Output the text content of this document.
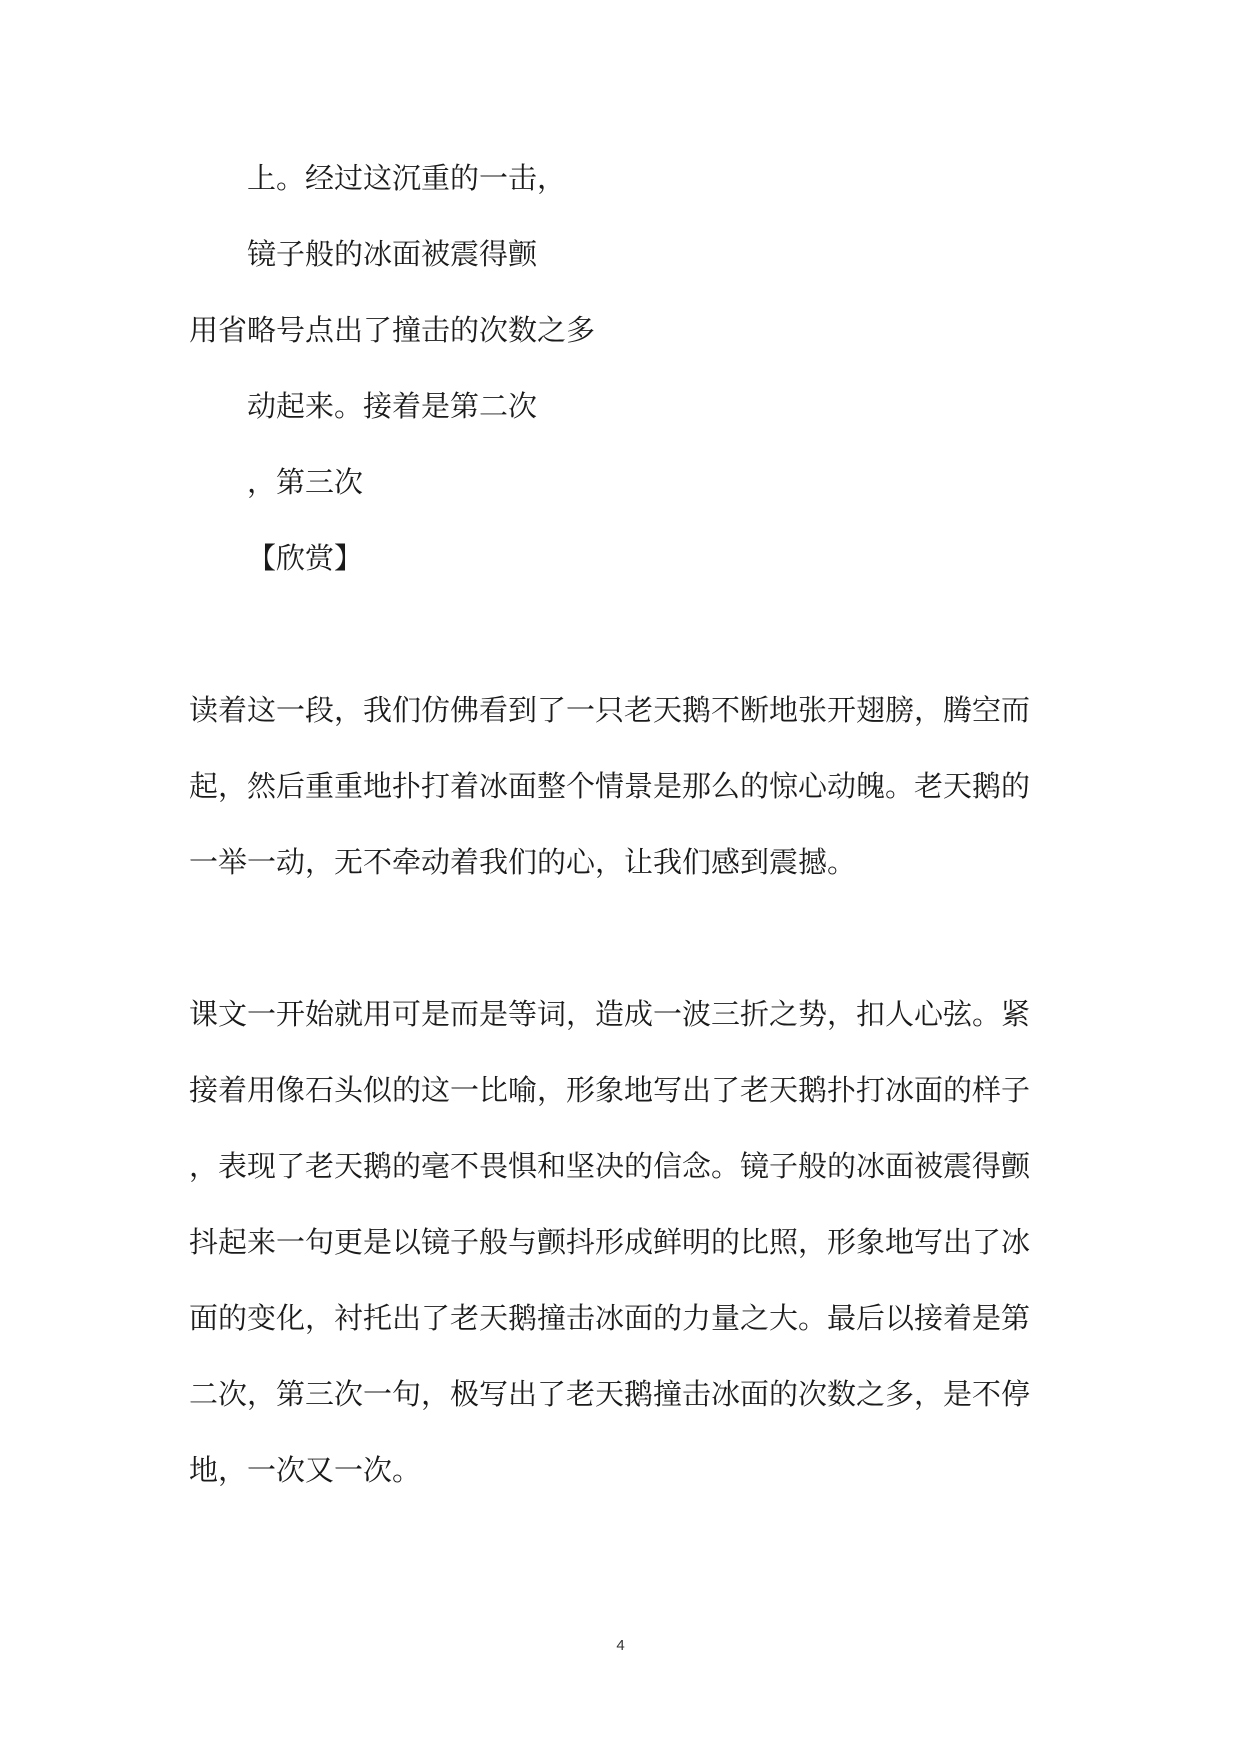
上。经过这沉重的一击，
镜子般的冰面被震得颤
用省略号点出了撞击的次数之多
动起来。接着是第二次
，第三次
【欣赏】
读着这一段，我们仿佛看到了一只老天鹅不断地张开翅膀，腾空而
起，然后重重地扑打着冰面整个情景是那么的惊心动魄。老天鹅的
一举一动，无不牵动着我们的心，让我们感到震撼。
课文一开始就用可是而是等词，造成一波三折之势，扣人心弦。紧
接着用像石头似的这一比喻，形象地写出了老天鹅扑打冰面的样子
，表现了老天鹅的毫不畏惧和坚决的信念。镜子般的冰面被震得颤
抖起来一句更是以镜子般与颤抖形成鲜明的比照，形象地写出了冰
面的变化，衬托出了老天鹅撞击冰面的力量之大。最后以接着是第
二次，第三次一句，极写出了老天鹅撞击冰面的次数之多，是不停
地，一次又一次。
4
